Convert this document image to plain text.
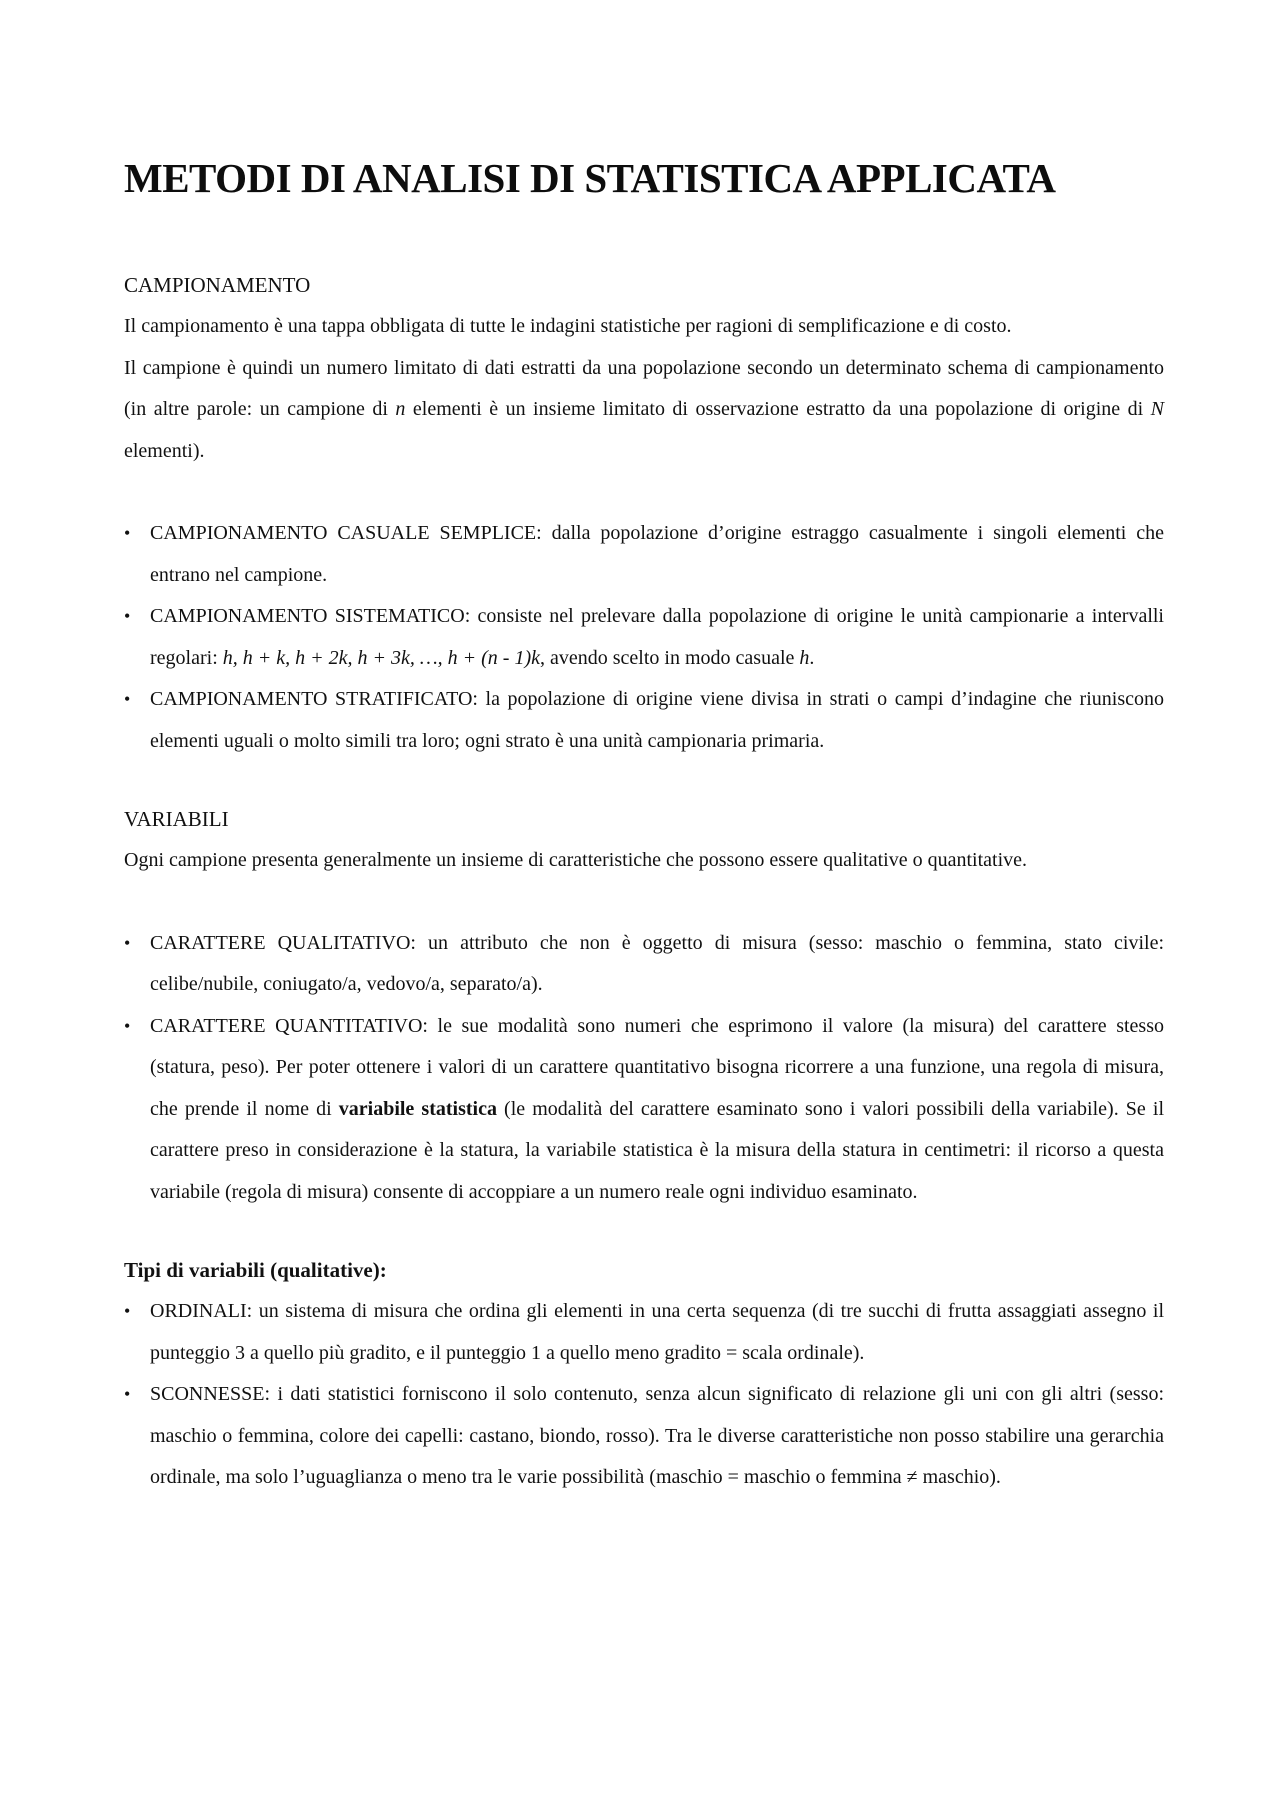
METODI DI ANALISI DI STATISTICA APPLICATA
CAMPIONAMENTO

Il campionamento è una tappa obbligata di tutte le indagini statistiche per ragioni di semplificazione e di costo.

Il campione è quindi un numero limitato di dati estratti da una popolazione secondo un determinato schema di campionamento (in altre parole: un campione di n elementi è un insieme limitato di osservazione estratto da una popolazione di origine di N elementi).

• CAMPIONAMENTO CASUALE SEMPLICE: dalla popolazione d’origine estraggo casualmente i singoli elementi che entrano nel campione.
• CAMPIONAMENTO SISTEMATICO: consiste nel prelevare dalla popolazione di origine le unità campionarie a intervalli regolari: h, h + k, h + 2k, h + 3k, …, h + (n - 1)k, avendo scelto in modo casuale h.
• CAMPIONAMENTO STRATIFICATO: la popolazione di origine viene divisa in strati o campi d’indagine che riuniscono elementi uguali o molto simili tra loro; ogni strato è una unità campionaria primaria.
VARIABILI

Ogni campione presenta generalmente un insieme di caratteristiche che possono essere qualitative o quantitative.

• CARATTERE QUALITATIVO: un attributo che non è oggetto di misura (sesso: maschio o femmina, stato civile: celibe/nubile, coniugato/a, vedovo/a, separato/a).
• CARATTERE QUANTITATIVO: le sue modalità sono numeri che esprimono il valore (la misura) del carattere stesso (statura, peso). Per poter ottenere i valori di un carattere quantitativo bisogna ricorrere a una funzione, una regola di misura, che prende il nome di variabile statistica (le modalità del carattere esaminato sono i valori possibili della variabile). Se il carattere preso in considerazione è la statura, la variabile statistica è la misura della statura in centimetri: il ricorso a questa variabile (regola di misura) consente di accoppiare a un numero reale ogni individuo esaminato.
Tipi di variabili (qualitative):
• ORDINALI: un sistema di misura che ordina gli elementi in una certa sequenza (di tre succhi di frutta assaggiati assegno il punteggio 3 a quello più gradito, e il punteggio 1 a quello meno gradito = scala ordinale).
• SCONNESSE: i dati statistici forniscono il solo contenuto, senza alcun significato di relazione gli uni con gli altri (sesso: maschio o femmina, colore dei capelli: castano, biondo, rosso). Tra le diverse caratteristiche non posso stabilire una gerarchia ordinale, ma solo l’uguaglianza o meno tra le varie possibilità (maschio = maschio o femmina ≠ maschio).
